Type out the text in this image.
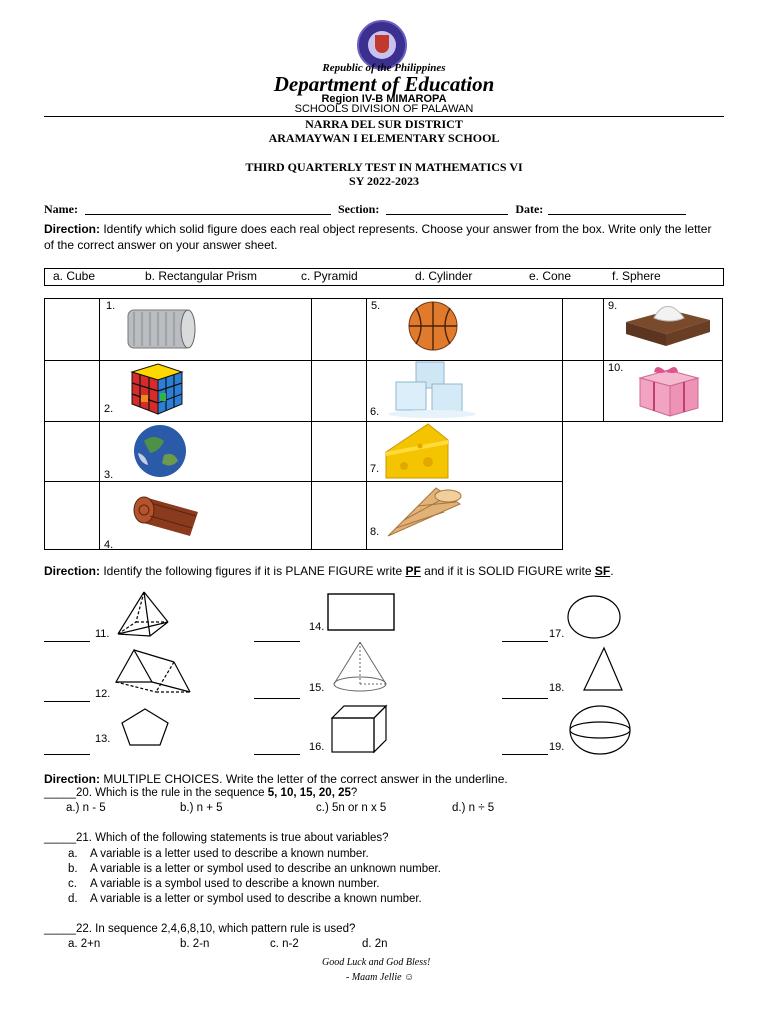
Republic of the Philippines
Department of Education
Region IV-B MIMAROPA
SCHOOLS DIVISION OF PALAWAN
NARRA DEL SUR DISTRICT
ARAMAYWAN I ELEMENTARY SCHOOL
THIRD QUARTERLY TEST IN MATHEMATICS VI
SY 2022-2023
Name:	Section:	Date:
Direction: Identify which solid figure does each real object represents. Choose your answer from the box. Write only the letter of the correct answer on your answer sheet.
a. Cube	b. Rectangular Prism	c. Pyramid	d. Cylinder	e. Cone	f. Sphere
1.
2.
3.
4.
5.
6.
7.
8.
9.
10.
Direction: Identify the following figures if it is PLANE FIGURE write PF and if it is SOLID FIGURE write SF.
11.
12.
13.
14.
15.
16.
17.
18.
19.
Direction: MULTIPLE CHOICES. Write the letter of the correct answer in the underline.
_____20. Which is the rule in the sequence 5, 10, 15, 20, 25?
a.) n - 5	b.) n + 5	c.) 5n or n x 5	d.) n ÷ 5
_____21. Which of the following statements is true about variables?
a. A variable is a letter used to describe a known number.
b. A variable is a letter or symbol used to describe an unknown number.
c. A variable is a symbol used to describe a known number.
d. A variable is a letter or symbol used to describe a known number.
_____22. In sequence 2,4,6,8,10, which pattern rule is used?
a. 2+n	b. 2-n	c. n-2	d. 2n
Good Luck and God Bless!
- Maam Jellie ☺
